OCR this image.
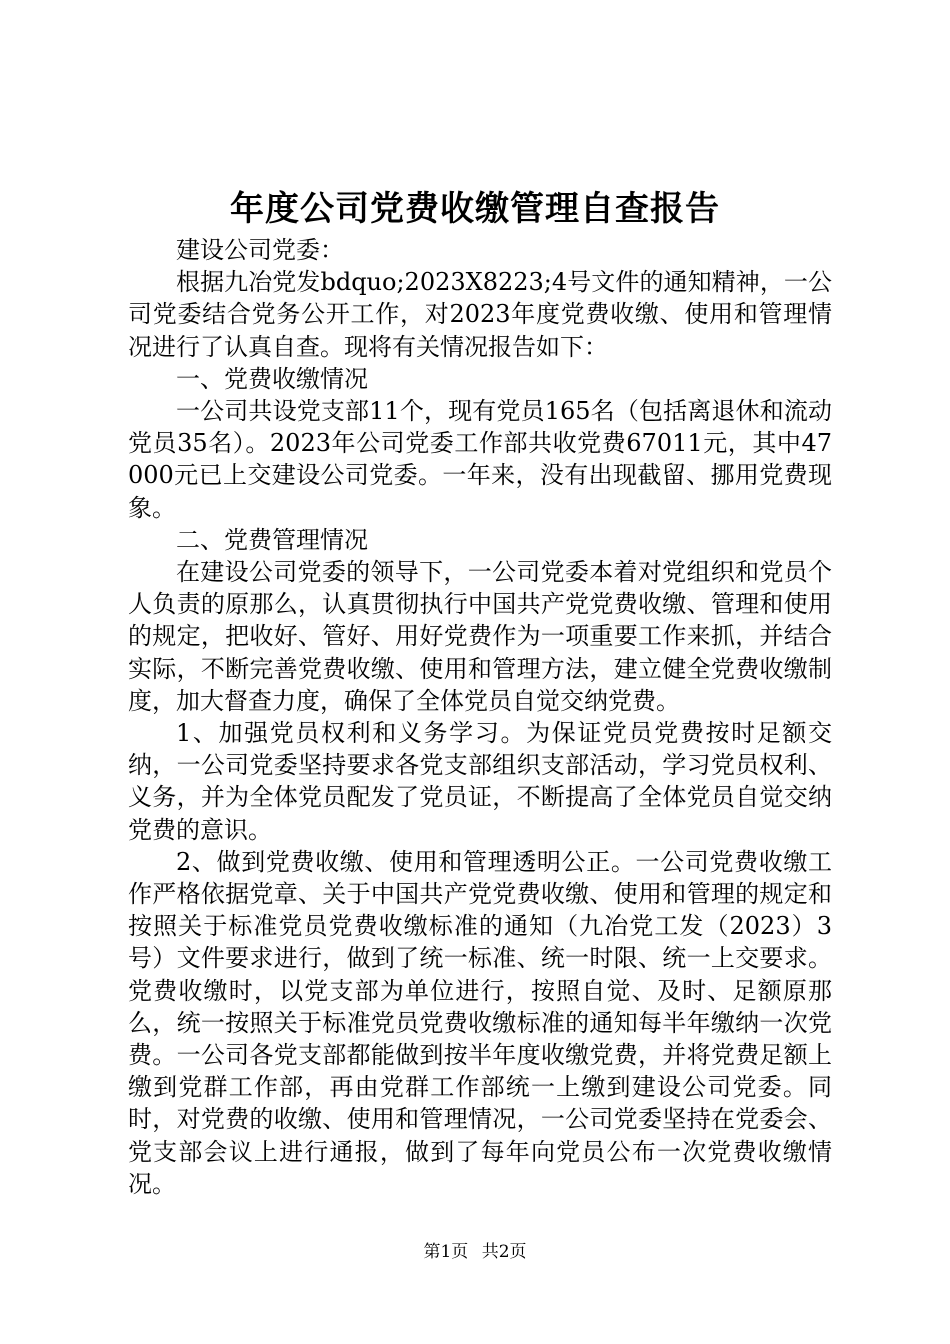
年度公司党费收缴管理自查报告

建设公司党委：

根据九冶党发bdquo;2023X8223;4号文件的通知精神，一公司党委结合党务公开工作，对2023年度党费收缴、使用和管理情况进行了认真自查。现将有关情况报告如下：

一、党费收缴情况

一公司共设党支部11个，现有党员165名（包括离退休和流动党员35名）。2023年公司党委工作部共收党费67011元，其中47000元已上交建设公司党委。一年来，没有出现截留、挪用党费现象。

二、党费管理情况

在建设公司党委的领导下，一公司党委本着对党组织和党员个人负责的原那么，认真贯彻执行中国共产党党费收缴、管理和使用的规定，把收好、管好、用好党费作为一项重要工作来抓，并结合实际，不断完善党费收缴、使用和管理方法，建立健全党费收缴制度，加大督查力度，确保了全体党员自觉交纳党费。

1、加强党员权利和义务学习。为保证党员党费按时足额交纳，一公司党委坚持要求各党支部组织支部活动，学习党员权利、义务，并为全体党员配发了党员证，不断提高了全体党员自觉交纳党费的意识。

2、做到党费收缴、使用和管理透明公正。一公司党费收缴工作严格依据党章、关于中国共产党党费收缴、使用和管理的规定和按照关于标准党员党费收缴标准的通知（九冶党工发（2023）3号）文件要求进行，做到了统一标准、统一时限、统一上交要求。党费收缴时，以党支部为单位进行，按照自觉、及时、足额原那么，统一按照关于标准党员党费收缴标准的通知每半年缴纳一次党费。一公司各党支部都能做到按半年度收缴党费，并将党费足额上缴到党群工作部，再由党群工作部统一上缴到建设公司党委。同时，对党费的收缴、使用和管理情况，一公司党委坚持在党委会、党支部会议上进行通报，做到了每年向党员公布一次党费收缴情况。

第1页 共2页
